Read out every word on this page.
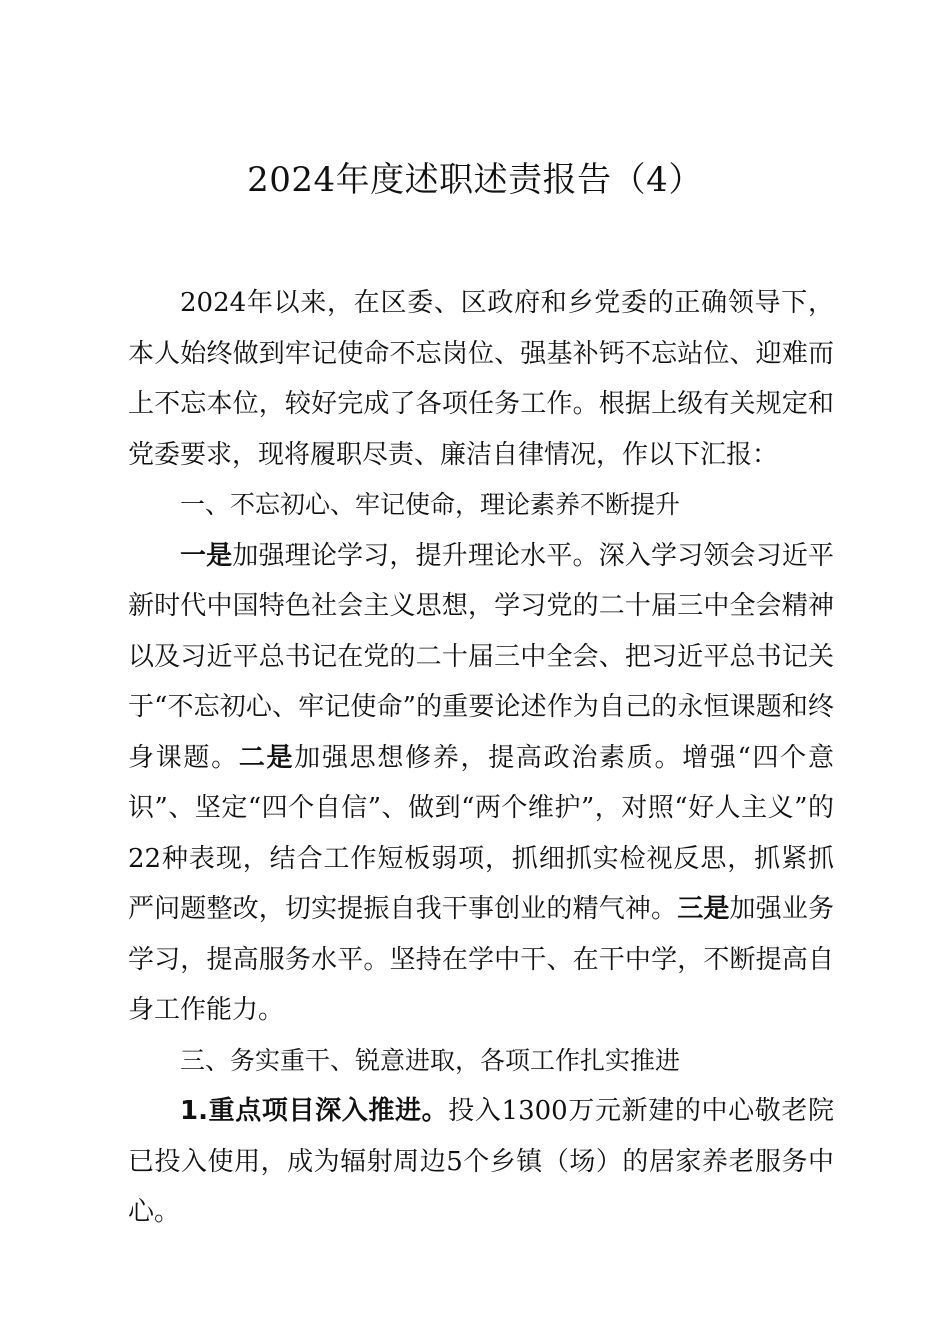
2024年度述职述责报告（4）

2024年以来，在区委、区政府和乡党委的正确领导下，本人始终做到牢记使命不忘岗位、强基补钙不忘站位、迎难而上不忘本位，较好完成了各项任务工作。根据上级有关规定和党委要求，现将履职尽责、廉洁自律情况，作以下汇报：

一、不忘初心、牢记使命，理论素养不断提升

一是加强理论学习，提升理论水平。深入学习领会习近平新时代中国特色社会主义思想，学习党的二十届三中全会精神以及习近平总书记在党的二十届三中全会、把习近平总书记关于“不忘初心、牢记使命”的重要论述作为自己的永恒课题和终身课题。二是加强思想修养，提高政治素质。增强“四个意识”、坚定“四个自信”、做到“两个维护”，对照“好人主义”的22种表现，结合工作短板弱项，抓细抓实检视反思，抓紧抓严问题整改，切实提振自我干事创业的精气神。三是加强业务学习，提高服务水平。坚持在学中干、在干中学，不断提高自身工作能力。

三、务实重干、锐意进取，各项工作扎实推进

1.重点项目深入推进。投入1300万元新建的中心敬老院已投入使用，成为辐射周边5个乡镇（场）的居家养老服务中心。
